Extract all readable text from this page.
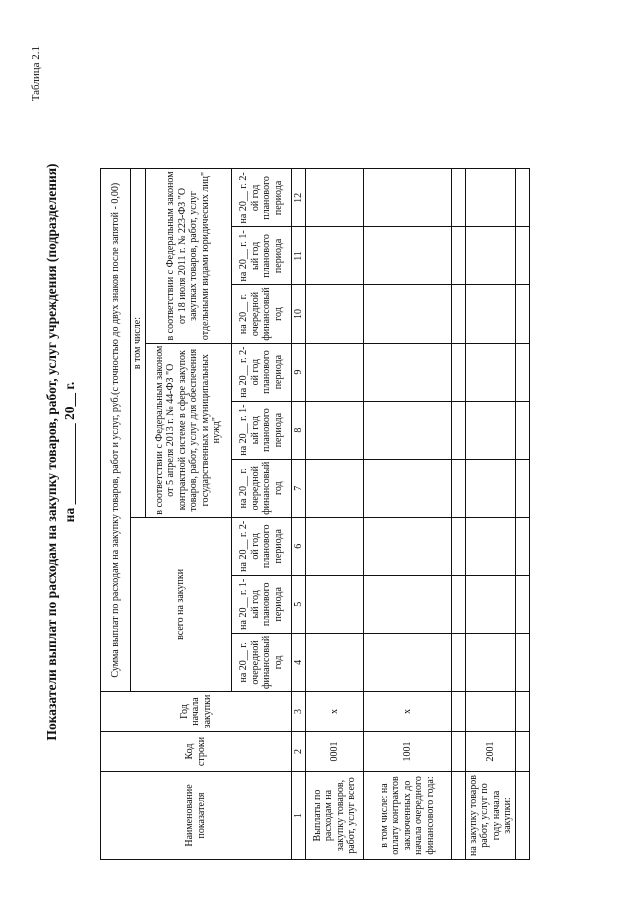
Таблица 2.1
Показатели выплат по расходам на закупку товаров, работ, услуг учреждения (подразделения) на ____________ 20__ г.
Наименование показателя	Код строки	Год начала закупки	Сумма выплат по расходам на закупку товаров, работ и услуг, руб.(с точностью до двух знаков после запятой - 0,00)								
			всего на закупки			в том числе:					
						в соответствии с Федеральным законом от 5 апреля 2013 г. № 44-ФЗ "О контрактной системе в сфере закупок товаров, работ, услуг для обеспечения государственных и муниципальных нужд"			в соответствии с Федеральным законом от 18 июля 2011 г. № 223-ФЗ "О закупках товаров, работ, услуг отдельными видами юридических лиц"		
			на 20__ г. очередной финансовый год	на 20__ г. 1-ый год планового периода	на 20__ г. 2-ой год планового периода	на 20__ г. очередной финансовый год	на 20__ г. 1-ый год планового периода	на 20__ г. 2-ой год планового периода	на 20__ г. очередной финансовый год	на 20__ г. 1-ый год планового периода	на 20__ г. 2-ой год планового периода
1	2	3	4	5	6	7	8	9	10	11	12
Выплаты по расходам на закупку товаров, работ, услуг всего	0001	x									
в том числе: на оплату контрактов заключенных до начала очередного финансового года:	1001	x									

на закупку товаров работ, услуг по году начала закупки:	2001										
